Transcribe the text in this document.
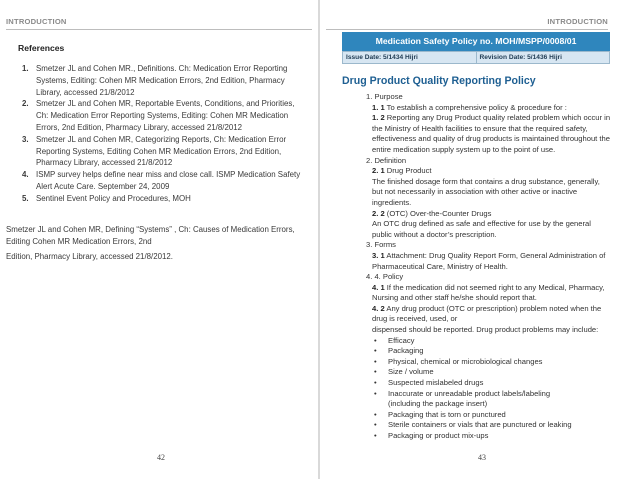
INTRODUCTION
References
1. Smetzer JL and Cohen MR., Definitions. Ch: Medication Error Reporting Systems, Editing: Cohen MR Medication Errors, 2nd Edition, Pharmacy Library, accessed 21/8/2012
2. Smetzer JL and Cohen MR, Reportable Events, Conditions, and Priorities, Ch: Medication Error Reporting Systems, Editing: Cohen MR Medication Errors, 2nd Edition, Pharmacy Library, accessed 21/8/2012
3. Smetzer JL and Cohen MR, Categorizing Reports, Ch: Medication Error Reporting Systems, Editing Cohen MR Medication Errors, 2nd Edition, Pharmacy Library, accessed 21/8/2012
4. ISMP survey helps define near miss and close call. ISMP Medication Safety Alert Acute Care. September 24, 2009
5. Sentinel Event Policy and Procedures, MOH

Smetzer JL and Cohen MR, Defining “Systems” , Ch: Causes of Medication Errors, Editing Cohen MR Medication Errors, 2nd

Edition, Pharmacy Library, accessed 21/8/2012.

42
INTRODUCTION
Medication Safety Policy no. MOH/MSPP/0008/01
Issue Date: 5/1434 Hijri	Revision Date: 5/1436 Hijri
Drug Product Quality Reporting Policy
1. Purpose
1. 1 To establish a comprehensive policy & procedure for :
1. 2 Reporting any Drug Product quality related problem which occur in the Ministry of Health facilities to ensure that the required safety, effectiveness and quality of drug products is maintained throughout the entire medication supply system up to the point of use.
2. Definition
2. 1 Drug Product
The finished dosage form that contains a drug substance, generally, but not necessarily in association with other active or inactive ingredients.
2. 2 (OTC) Over-the-Counter Drugs
An OTC drug defined as safe and effective for use by the general public without a doctor’s prescription.
3. Forms
3. 1 Attachment: Drug Quality Report Form, General Administration of Pharmaceutical Care, Ministry of Health.
4. 4. Policy
4. 1 If the medication did not seemed right to any Medical, Pharmacy, Nursing and other staff he/she should report that.
4. 2 Any drug product (OTC or prescription) problem noted when the drug is received, used, or
dispensed should be reported. Drug product problems may include:
• Efficacy
• Packaging
• Physical, chemical or microbiological changes
• Size / volume
• Suspected mislabeled drugs
• Inaccurate or unreadable product labels/labeling
(including the package insert)
• Packaging that is torn or punctured
• Sterile containers or vials that are punctured or leaking
• Packaging or product mix-ups
43
